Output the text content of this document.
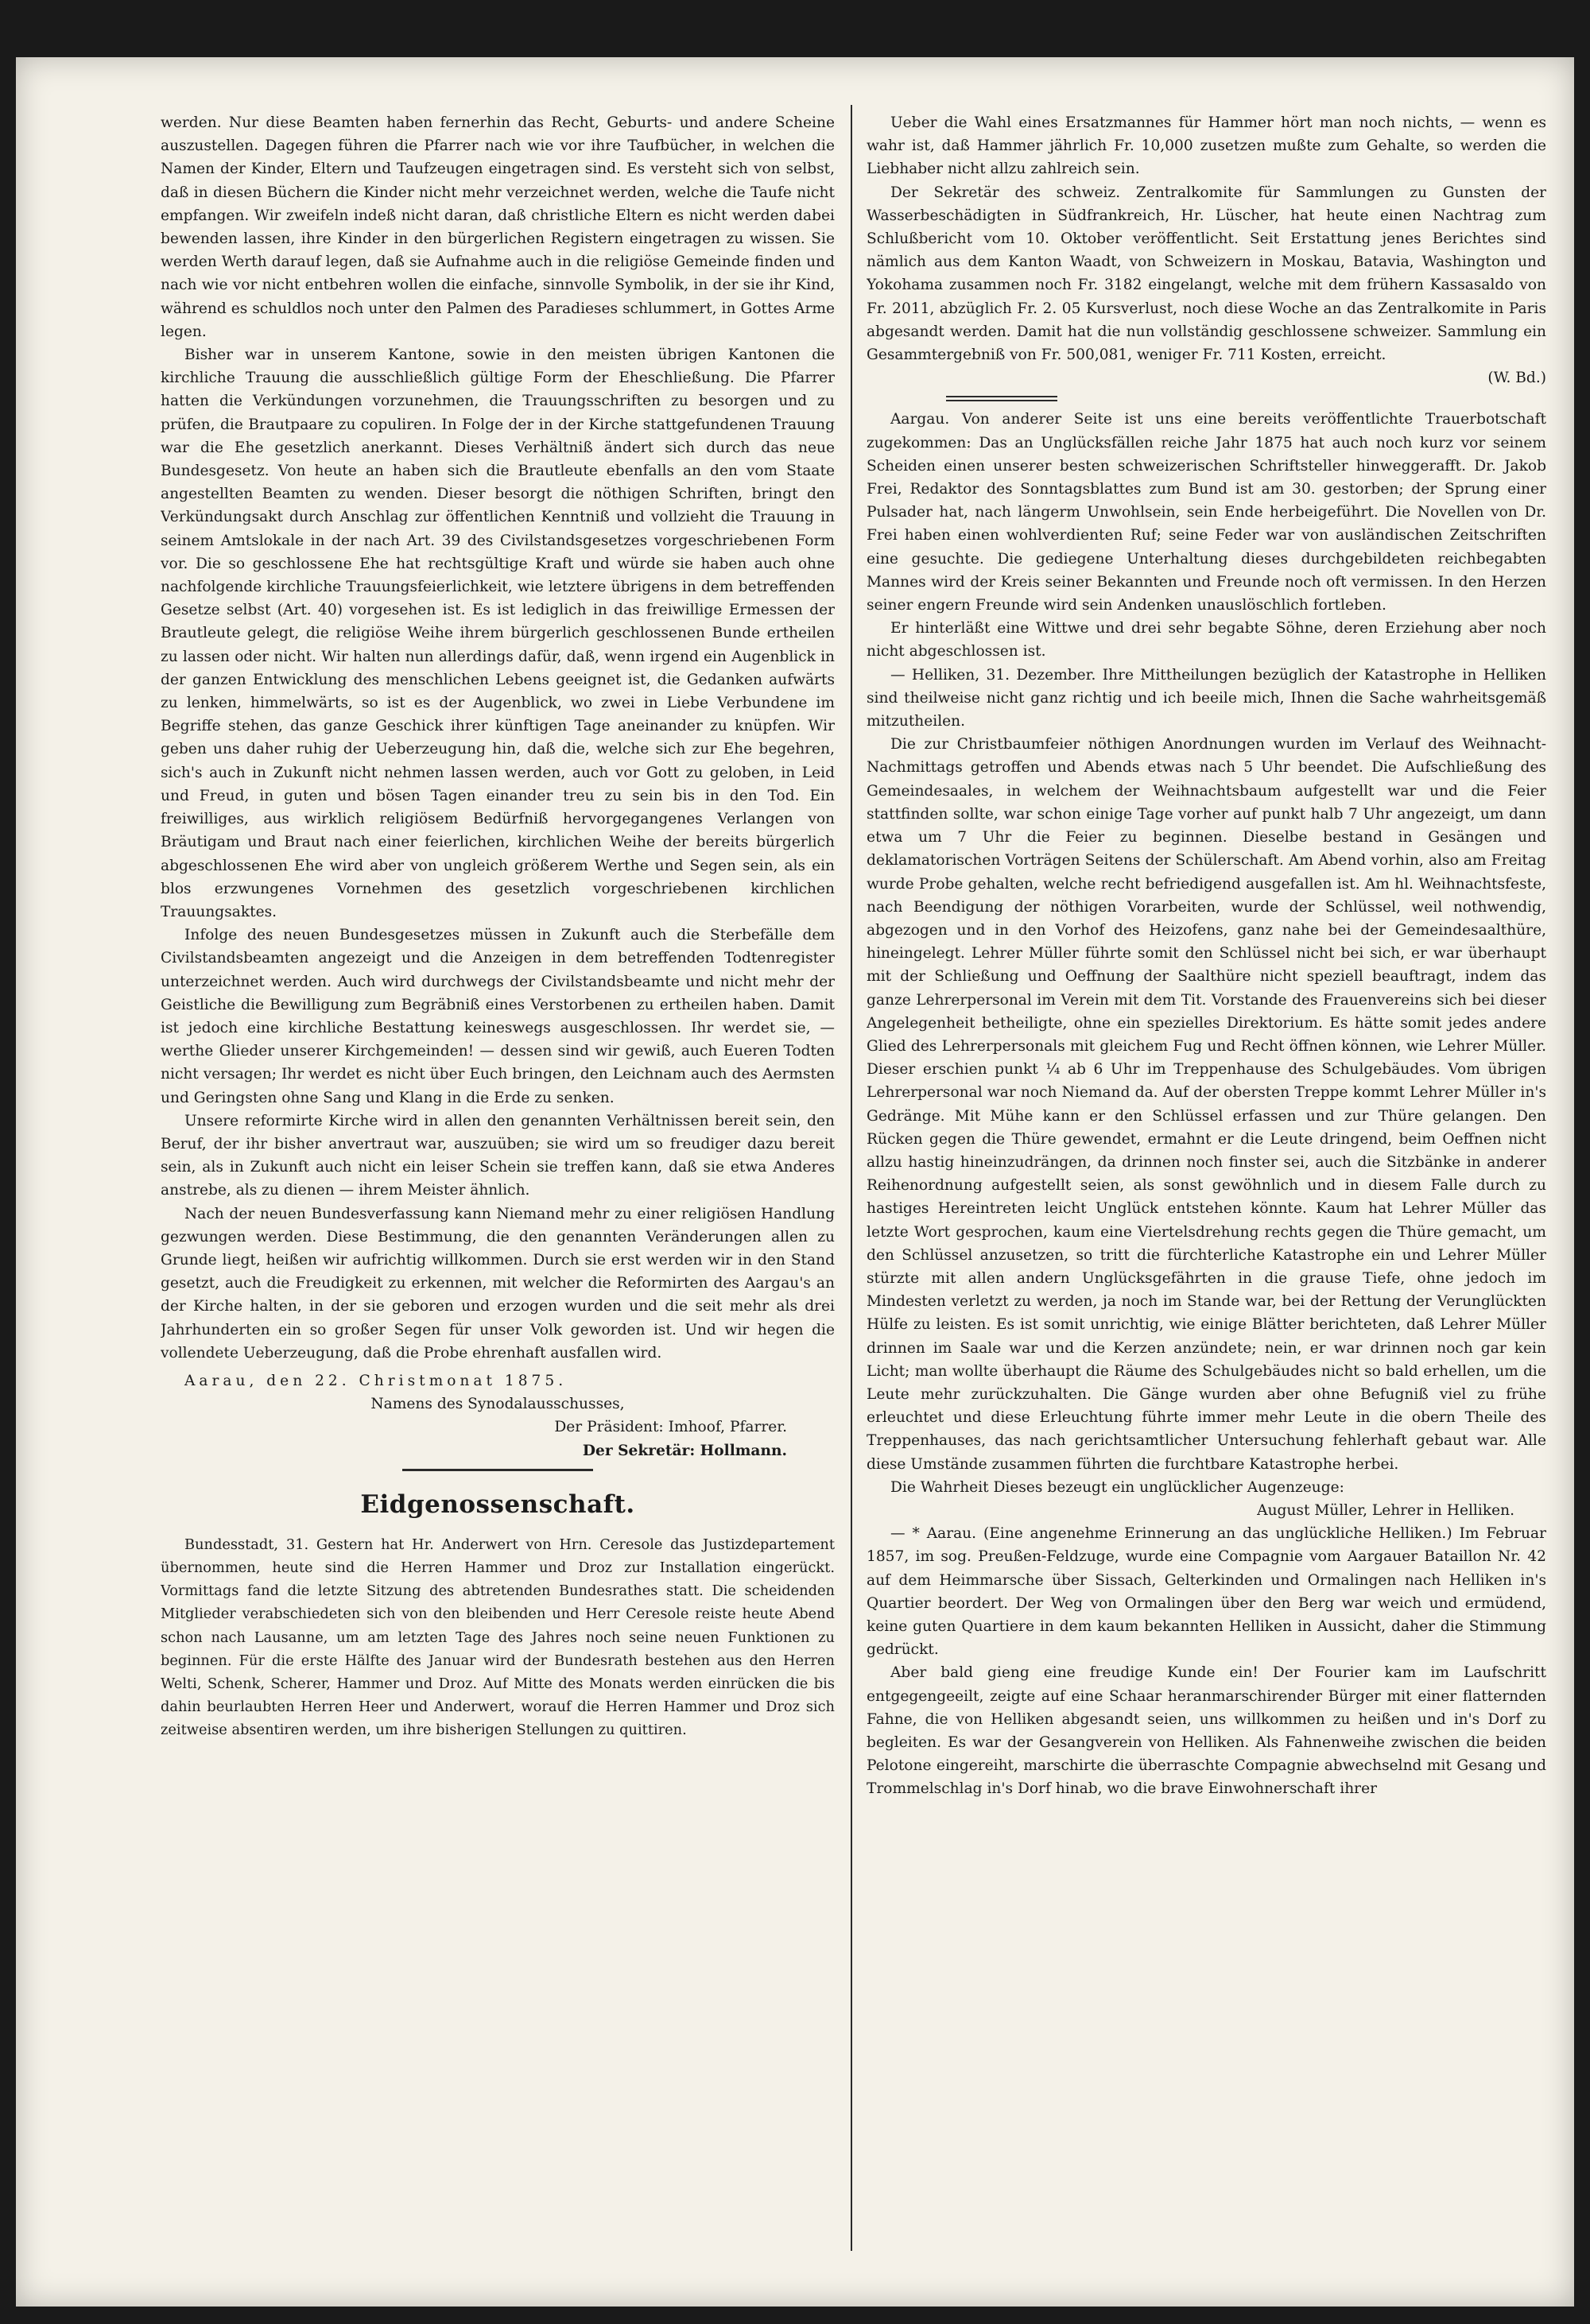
werden. Nur diese Beamten haben fernerhin das Recht, Geburts- und andere Scheine auszustellen. Dagegen führen die Pfarrer nach wie vor ihre Taufbücher, in welchen die Namen der Kinder, Eltern und Taufzeugen eingetragen sind. Es versteht sich von selbst, daß in diesen Büchern die Kinder nicht mehr verzeichnet werden, welche die Taufe nicht empfangen. Wir zweifeln indeß nicht daran, daß christliche Eltern es nicht werden dabei bewenden lassen, ihre Kinder in den bürgerlichen Registern eingetragen zu wissen. Sie werden Werth darauf legen, daß sie Aufnahme auch in die religiöse Gemeinde finden und nach wie vor nicht entbehren wollen die einfache, sinnvolle Symbolik, in der sie ihr Kind, während es schuldlos noch unter den Palmen des Paradieses schlummert, in Gottes Arme legen.

Bisher war in unserem Kantone, sowie in den meisten übrigen Kantonen die kirchliche Trauung die ausschließlich gültige Form der Eheschließung. Die Pfarrer hatten die Verkündungen vorzunehmen, die Trauungsschriften zu besorgen und zu prüfen, die Brautpaare zu copuliren. In Folge der in der Kirche stattgefundenen Trauung war die Ehe gesetzlich anerkannt. Dieses Verhältniß ändert sich durch das neue Bundesgesetz. Von heute an haben sich die Brautleute ebenfalls an den vom Staate angestellten Beamten zu wenden. Dieser besorgt die nöthigen Schriften, bringt den Verkündungsakt durch Anschlag zur öffentlichen Kenntniß und vollzieht die Trauung in seinem Amtslokale in der nach Art. 39 des Civilstandsgesetzes vorgeschriebenen Form vor. Die so geschlossene Ehe hat rechtsgültige Kraft und würde sie haben auch ohne nachfolgende kirchliche Trauungsfeierlichkeit, wie letztere übrigens in dem betreffenden Gesetze selbst (Art. 40) vorgesehen ist. Es ist lediglich in das freiwillige Ermessen der Brautleute gelegt, die religiöse Weihe ihrem bürgerlich geschlossenen Bunde ertheilen zu lassen oder nicht. Wir halten nun allerdings dafür, daß, wenn irgend ein Augenblick in der ganzen Entwicklung des menschlichen Lebens geeignet ist, die Gedanken aufwärts zu lenken, himmelwärts, so ist es der Augenblick, wo zwei in Liebe Verbundene im Begriffe stehen, das ganze Geschick ihrer künftigen Tage aneinander zu knüpfen. Wir geben uns daher ruhig der Ueberzeugung hin, daß die, welche sich zur Ehe begehren, sich's auch in Zukunft nicht nehmen lassen werden, auch vor Gott zu geloben, in Leid und Freud, in guten und bösen Tagen einander treu zu sein bis in den Tod. Ein freiwilliges, aus wirklich religiösem Bedürfniß hervorgegangenes Verlangen von Bräutigam und Braut nach einer feierlichen, kirchlichen Weihe der bereits bürgerlich abgeschlossenen Ehe wird aber von ungleich größerem Werthe und Segen sein, als ein blos erzwungenes Vornehmen des gesetzlich vorgeschriebenen kirchlichen Trauungsaktes.

Infolge des neuen Bundesgesetzes müssen in Zukunft auch die Sterbefälle dem Civilstandsbeamten angezeigt und die Anzeigen in dem betreffenden Todtenregister unterzeichnet werden. Auch wird durchwegs der Civilstandsbeamte und nicht mehr der Geistliche die Bewilligung zum Begräbniß eines Verstorbenen zu ertheilen haben. Damit ist jedoch eine kirchliche Bestattung keineswegs ausgeschlossen. Ihr werdet sie, — werthe Glieder unserer Kirchgemeinden! — dessen sind wir gewiß, auch Eueren Todten nicht versagen; Ihr werdet es nicht über Euch bringen, den Leichnam auch des Aermsten und Geringsten ohne Sang und Klang in die Erde zu senken.

Unsere reformirte Kirche wird in allen den genannten Verhältnissen bereit sein, den Beruf, der ihr bisher anvertraut war, auszuüben; sie wird um so freudiger dazu bereit sein, als in Zukunft auch nicht ein leiser Schein sie treffen kann, daß sie etwa Anderes anstrebe, als zu dienen — ihrem Meister ähnlich.

Nach der neuen Bundesverfassung kann Niemand mehr zu einer religiösen Handlung gezwungen werden. Diese Bestimmung, die den genannten Veränderungen allen zu Grunde liegt, heißen wir aufrichtig willkommen. Durch sie erst werden wir in den Stand gesetzt, auch die Freudigkeit zu erkennen, mit welcher die Reformirten des Aargau's an der Kirche halten, in der sie geboren und erzogen wurden und die seit mehr als drei Jahrhunderten ein so großer Segen für unser Volk geworden ist. Und wir hegen die vollendete Ueberzeugung, daß die Probe ehrenhaft ausfallen wird.

Aarau, den 22. Christmonat 1875.

Namens des Synodalausschusses,

Der Präsident: Imhoof, Pfarrer.

Der Sekretär: Hollmann.

Eidgenossenschaft.

Bundesstadt, 31. Gestern hat Hr. Anderwert von Hrn. Ceresole das Justizdepartement übernommen, heute sind die Herren Hammer und Droz zur Installation eingerückt. Vormittags fand die letzte Sitzung des abtretenden Bundesrathes statt. Die scheidenden Mitglieder verabschiedeten sich von den bleibenden und Herr Ceresole reiste heute Abend schon nach Lausanne, um am letzten Tage des Jahres noch seine neuen Funktionen zu beginnen. Für die erste Hälfte des Januar wird der Bundesrath bestehen aus den Herren Welti, Schenk, Scherer, Hammer und Droz. Auf Mitte des Monats werden einrücken die bis dahin beurlaubten Herren Heer und Anderwert, worauf die Herren Hammer und Droz sich zeitweise absentiren werden, um ihre bisherigen Stellungen zu quittiren.

Ueber die Wahl eines Ersatzmannes für Hammer hört man noch nichts, — wenn es wahr ist, daß Hammer jährlich Fr. 10,000 zusetzen mußte zum Gehalte, so werden die Liebhaber nicht allzu zahlreich sein.

Der Sekretär des schweiz. Zentralkomite für Sammlungen zu Gunsten der Wasserbeschädigten in Südfrankreich, Hr. Lüscher, hat heute einen Nachtrag zum Schlußbericht vom 10. Oktober veröffentlicht. Seit Erstattung jenes Berichtes sind nämlich aus dem Kanton Waadt, von Schweizern in Moskau, Batavia, Washington und Yokohama zusammen noch Fr. 3182 eingelangt, welche mit dem frühern Kassasaldo von Fr. 2011, abzüglich Fr. 2. 05 Kursverlust, noch diese Woche an das Zentralkomite in Paris abgesandt werden. Damit hat die nun vollständig geschlossene schweizer. Sammlung ein Gesammtergebniß von Fr. 500,081, weniger Fr. 711 Kosten, erreicht.

(W. Bd.)

Aargau. Von anderer Seite ist uns eine bereits veröffentlichte Trauerbotschaft zugekommen: Das an Unglücksfällen reiche Jahr 1875 hat auch noch kurz vor seinem Scheiden einen unserer besten schweizerischen Schriftsteller hinweggerafft. Dr. Jakob Frei, Redaktor des Sonntagsblattes zum Bund ist am 30. gestorben; der Sprung einer Pulsader hat, nach längerm Unwohlsein, sein Ende herbeigeführt. Die Novellen von Dr. Frei haben einen wohlverdienten Ruf; seine Feder war von ausländischen Zeitschriften eine gesuchte. Die gediegene Unterhaltung dieses durchgebildeten reichbegabten Mannes wird der Kreis seiner Bekannten und Freunde noch oft vermissen. In den Herzen seiner engern Freunde wird sein Andenken unauslöschlich fortleben.

Er hinterläßt eine Wittwe und drei sehr begabte Söhne, deren Erziehung aber noch nicht abgeschlossen ist.

— Helliken, 31. Dezember. Ihre Mittheilungen bezüglich der Katastrophe in Helliken sind theilweise nicht ganz richtig und ich beeile mich, Ihnen die Sache wahrheitsgemäß mitzutheilen.

Die zur Christbaumfeier nöthigen Anordnungen wurden im Verlauf des Weihnacht-Nachmittags getroffen und Abends etwas nach 5 Uhr beendet. Die Aufschließung des Gemeindesaales, in welchem der Weihnachtsbaum aufgestellt war und die Feier stattfinden sollte, war schon einige Tage vorher auf punkt halb 7 Uhr angezeigt, um dann etwa um 7 Uhr die Feier zu beginnen. Dieselbe bestand in Gesängen und deklamatorischen Vorträgen Seitens der Schülerschaft. Am Abend vorhin, also am Freitag wurde Probe gehalten, welche recht befriedigend ausgefallen ist. Am hl. Weihnachtsfeste, nach Beendigung der nöthigen Vorarbeiten, wurde der Schlüssel, weil nothwendig, abgezogen und in den Vorhof des Heizofens, ganz nahe bei der Gemeindesaalthüre, hineingelegt. Lehrer Müller führte somit den Schlüssel nicht bei sich, er war überhaupt mit der Schließung und Oeffnung der Saalthüre nicht speziell beauftragt, indem das ganze Lehrerpersonal im Verein mit dem Tit. Vorstande des Frauenvereins sich bei dieser Angelegenheit betheiligte, ohne ein spezielles Direktorium. Es hätte somit jedes andere Glied des Lehrerpersonals mit gleichem Fug und Recht öffnen können, wie Lehrer Müller. Dieser erschien punkt ¼ ab 6 Uhr im Treppenhause des Schulgebäudes. Vom übrigen Lehrerpersonal war noch Niemand da. Auf der obersten Treppe kommt Lehrer Müller in's Gedränge. Mit Mühe kann er den Schlüssel erfassen und zur Thüre gelangen. Den Rücken gegen die Thüre gewendet, ermahnt er die Leute dringend, beim Oeffnen nicht allzu hastig hineinzudrängen, da drinnen noch finster sei, auch die Sitzbänke in anderer Reihenordnung aufgestellt seien, als sonst gewöhnlich und in diesem Falle durch zu hastiges Hereintreten leicht Unglück entstehen könnte. Kaum hat Lehrer Müller das letzte Wort gesprochen, kaum eine Viertelsdrehung rechts gegen die Thüre gemacht, um den Schlüssel anzusetzen, so tritt die fürchterliche Katastrophe ein und Lehrer Müller stürzte mit allen andern Unglücksgefährten in die grause Tiefe, ohne jedoch im Mindesten verletzt zu werden, ja noch im Stande war, bei der Rettung der Verunglückten Hülfe zu leisten. Es ist somit unrichtig, wie einige Blätter berichteten, daß Lehrer Müller drinnen im Saale war und die Kerzen anzündete; nein, er war drinnen noch gar kein Licht; man wollte überhaupt die Räume des Schulgebäudes nicht so bald erhellen, um die Leute mehr zurückzuhalten. Die Gänge wurden aber ohne Befugniß viel zu frühe erleuchtet und diese Erleuchtung führte immer mehr Leute in die obern Theile des Treppenhauses, das nach gerichtsamtlicher Untersuchung fehlerhaft gebaut war. Alle diese Umstände zusammen führten die furchtbare Katastrophe herbei.

Die Wahrheit Dieses bezeugt ein unglücklicher Augenzeuge:

August Müller, Lehrer in Helliken.

— * Aarau. (Eine angenehme Erinnerung an das unglückliche Helliken.) Im Februar 1857, im sog. Preußen-Feldzuge, wurde eine Compagnie vom Aargauer Bataillon Nr. 42 auf dem Heimmarsche über Sissach, Gelterkinden und Ormalingen nach Helliken in's Quartier beordert. Der Weg von Ormalingen über den Berg war weich und ermüdend, keine guten Quartiere in dem kaum bekannten Helliken in Aussicht, daher die Stimmung gedrückt.

Aber bald gieng eine freudige Kunde ein! Der Fourier kam im Laufschritt entgegengeeilt, zeigte auf eine Schaar heranmarschirender Bürger mit einer flatternden Fahne, die von Helliken abgesandt seien, uns willkommen zu heißen und in's Dorf zu begleiten. Es war der Gesangverein von Helliken. Als Fahnenweihe zwischen die beiden Pelotone eingereiht, marschirte die überraschte Compagnie abwechselnd mit Gesang und Trommelschlag in's Dorf hinab, wo die brave Einwohnerschaft ihrer
